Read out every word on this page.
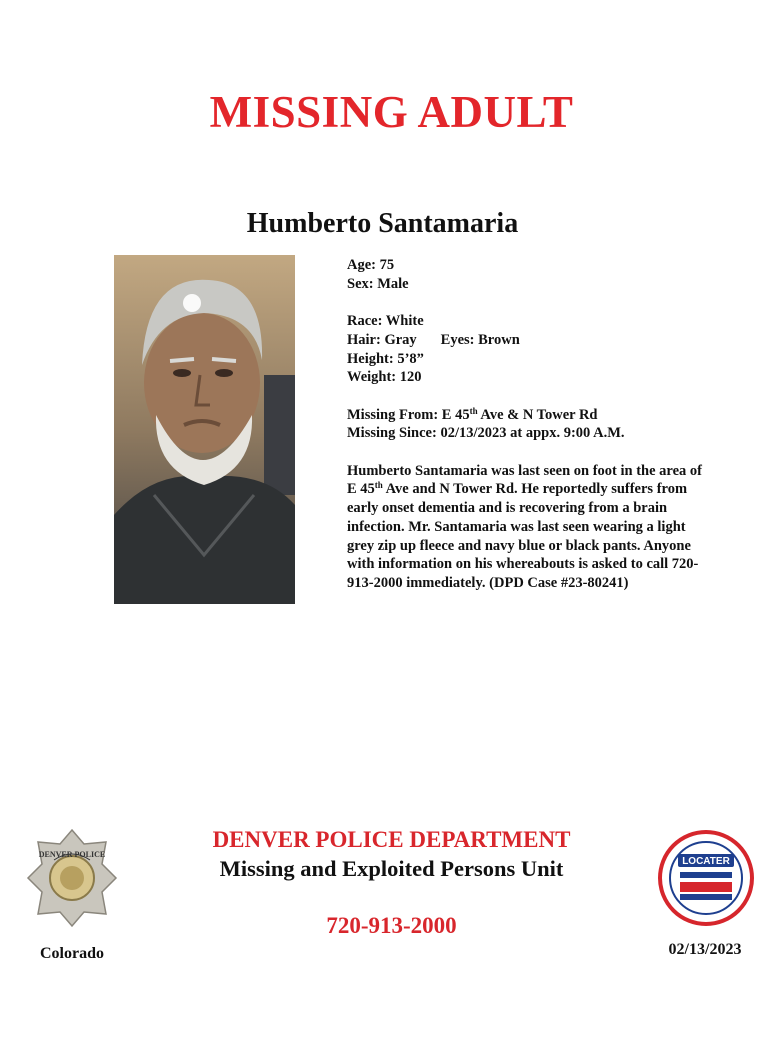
MISSING ADULT
Humberto Santamaria
Age: 75
Sex: Male
Race: White
Hair: Gray Eyes: Brown
Height: 5’8”
Weight: 120
Missing From: E 45th Ave & N Tower Rd
Missing Since: 02/13/2023 at appx. 9:00 A.M.
Humberto Santamaria was last seen on foot in the area of E 45th Ave and N Tower Rd. He reportedly suffers from early onset dementia and is recovering from a brain infection. Mr. Santamaria was last seen wearing a light grey zip up fleece and navy blue or black pants. Anyone with information on his whereabouts is asked to call 720-913-2000 immediately. (DPD Case #23-80241)
DENVER POLICE
Colorado
DENVER POLICE DEPARTMENT
Missing and Exploited Persons Unit
720-913-2000
LOCATER
02/13/2023
